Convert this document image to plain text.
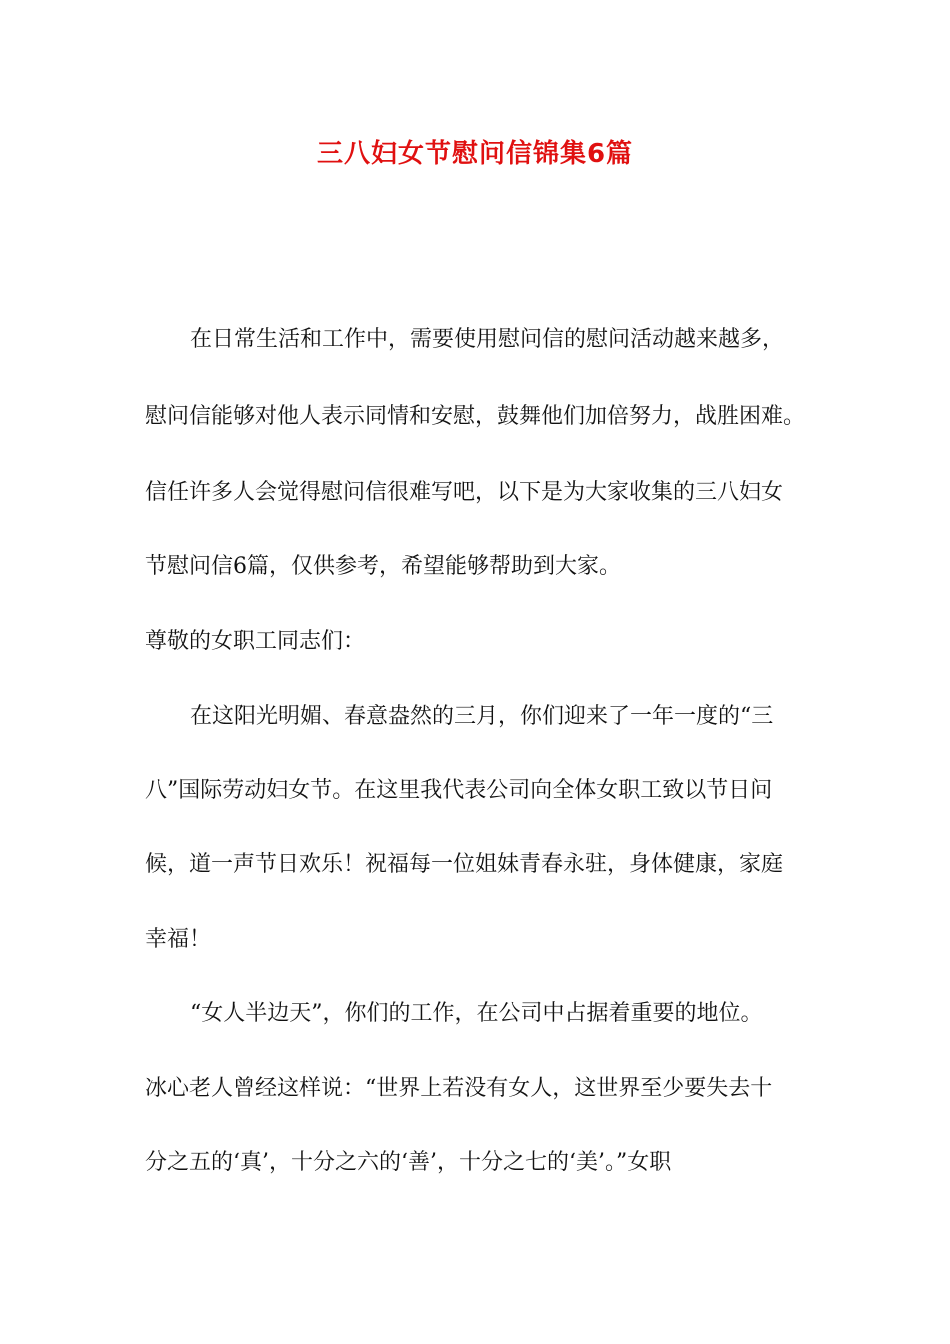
三八妇女节慰问信锦集6篇

在日常生活和工作中，需要使用慰问信的慰问活动越来越多，

慰问信能够对他人表示同情和安慰，鼓舞他们加倍努力，战胜困难。

信任许多人会觉得慰问信很难写吧，以下是为大家收集的三八妇女

节慰问信6篇，仅供参考，希望能够帮助到大家。

尊敬的女职工同志们：

在这阳光明媚、春意盎然的三月，你们迎来了一年一度的“三

八”国际劳动妇女节。在这里我代表公司向全体女职工致以节日问

候，道一声节日欢乐！祝福每一位姐妹青春永驻，身体健康，家庭

幸福！

“女人半边天”，你们的工作，在公司中占据着重要的地位。

冰心老人曾经这样说：“世界上若没有女人，这世界至少要失去十

分之五的‘真’，十分之六的‘善’，十分之七的‘美’。”女职
